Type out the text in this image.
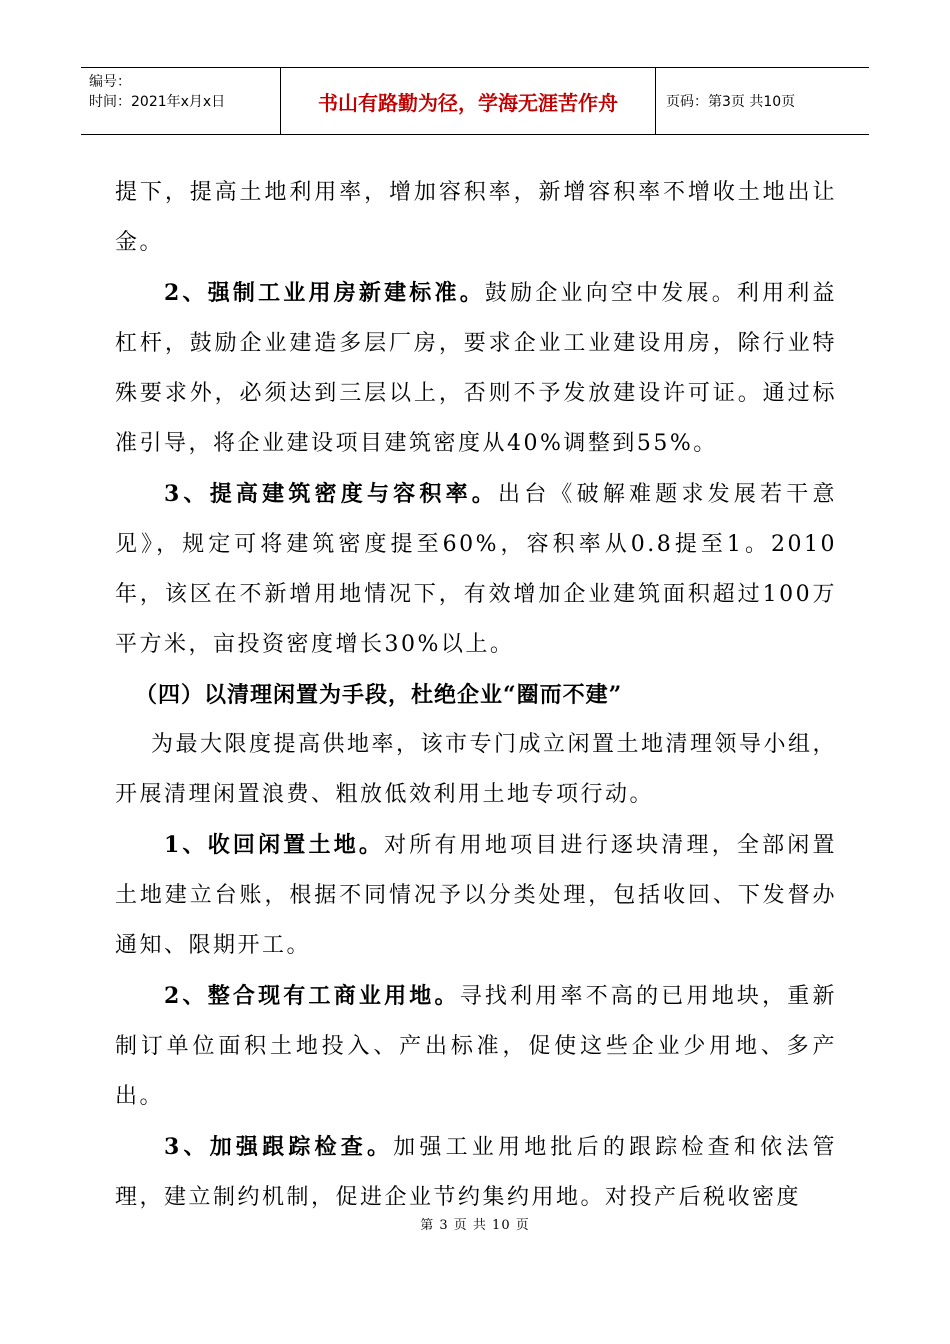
编号：
时间：2021年x月x日	书山有路勤为径，学海无涯苦作舟	页码：第3页 共10页

提下，提高土地利用率，增加容积率，新增容积率不增收土地出让金。

2、强制工业用房新建标准。鼓励企业向空中发展。利用利益杠杆，鼓励企业建造多层厂房，要求企业工业建设用房，除行业特殊要求外，必须达到三层以上，否则不予发放建设许可证。通过标准引导，将企业建设项目建筑密度从40%调整到55%。

3、提高建筑密度与容积率。出台《破解难题求发展若干意见》，规定可将建筑密度提至60%，容积率从0.8提至1。2010年，该区在不新增用地情况下，有效增加企业建筑面积超过100万平方米，亩投资密度增长30%以上。

（四）以清理闲置为手段，杜绝企业“圈而不建”

为最大限度提高供地率，该市专门成立闲置土地清理领导小组，开展清理闲置浪费、粗放低效利用土地专项行动。

1、收回闲置土地。对所有用地项目进行逐块清理，全部闲置土地建立台账，根据不同情况予以分类处理，包括收回、下发督办通知、限期开工。

2、整合现有工商业用地。寻找利用率不高的已用地块，重新制订单位面积土地投入、产出标准，促使这些企业少用地、多产出。

3、加强跟踪检查。加强工业用地批后的跟踪检查和依法管理，建立制约机制，促进企业节约集约用地。对投产后税收密度

第 3 页 共 10 页
